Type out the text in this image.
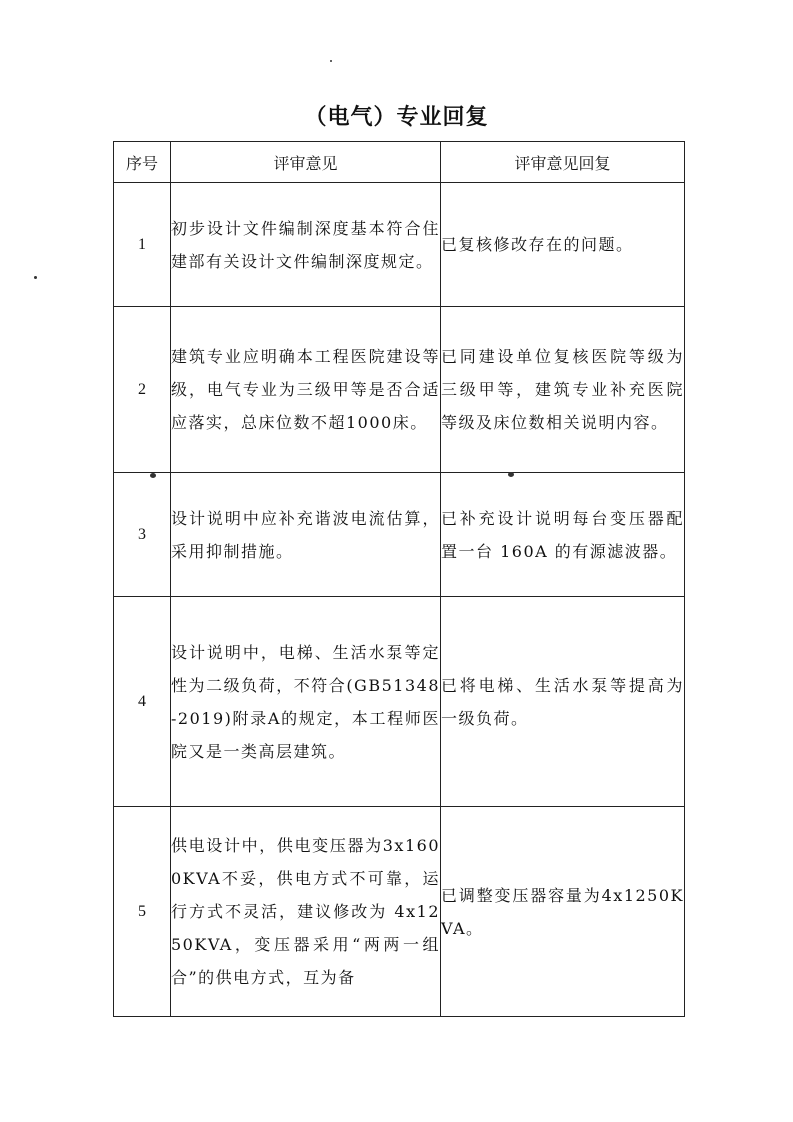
（电气）专业回复
序号	评审意见	评审意见回复
1	初步设计文件编制深度基本符合住建部有关设计文件编制深度规定。	已复核修改存在的问题。
2	建筑专业应明确本工程医院建设等级，电气专业为三级甲等是否合适应落实，总床位数不超1000床。	已同建设单位复核医院等级为三级甲等，建筑专业补充医院等级及床位数相关说明内容。
3	设计说明中应补充谐波电流估算，采用抑制措施。	已补充设计说明每台变压器配置一台 160A 的有源滤波器。
4	设计说明中，电梯、生活水泵等定性为二级负荷，不符合(GB51348-2019)附录A的规定，本工程师医院又是一类高层建筑。	已将电梯、生活水泵等提高为一级负荷。
5	供电设计中，供电变压器为3x1600KVA不妥，供电方式不可靠，运行方式不灵活，建议修改为 4x1250KVA，变压器采用“两两一组合”的供电方式，互为备	已调整变压器容量为4x1250KVA。
